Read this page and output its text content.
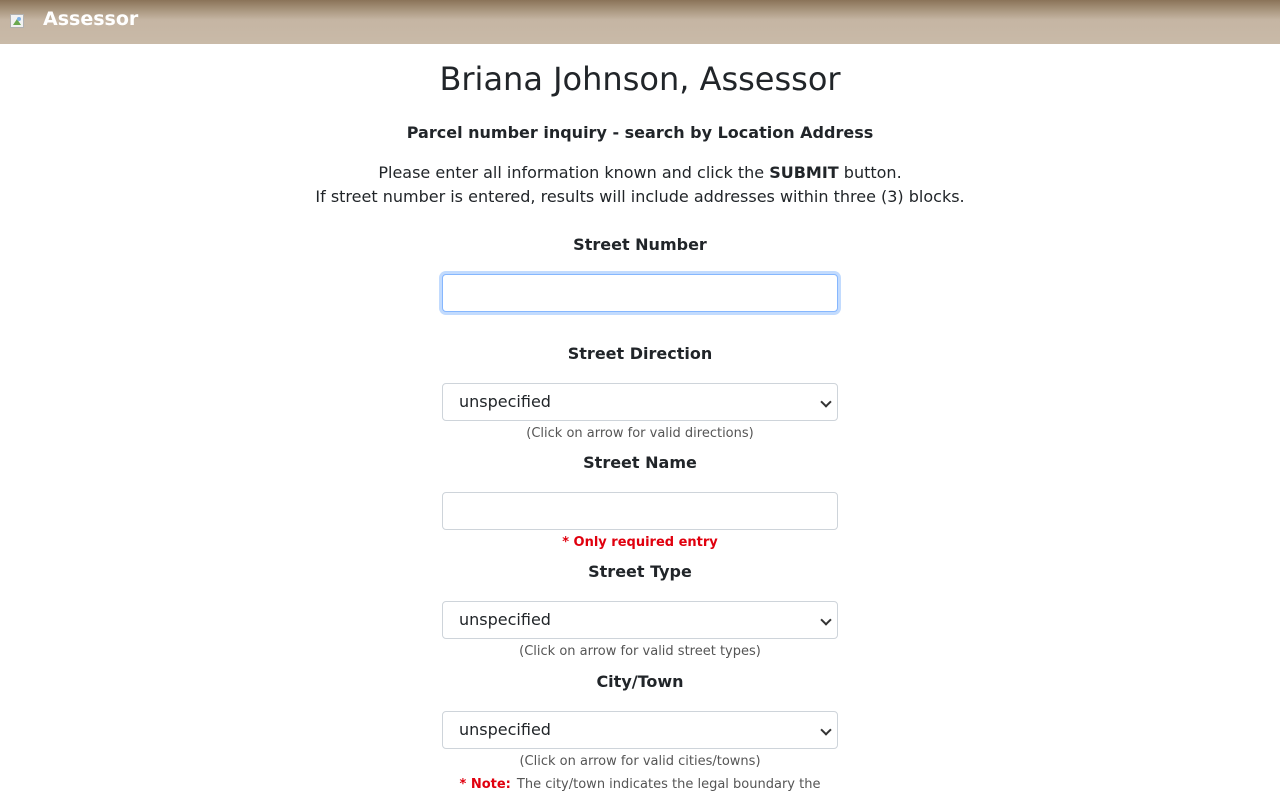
Assessor
Briana Johnson, Assessor
Parcel number inquiry - search by Location Address
Please enter all information known and click the SUBMIT button.
If street number is entered, results will include addresses within three (3) blocks.
Street Number
Street Direction
unspecified
(Click on arrow for valid directions)
Street Name
* Only required entry
Street Type
unspecified
(Click on arrow for valid street types)
City/Town
unspecified
(Click on arrow for valid cities/towns)
* Note: The city/town indicates the legal boundary the
